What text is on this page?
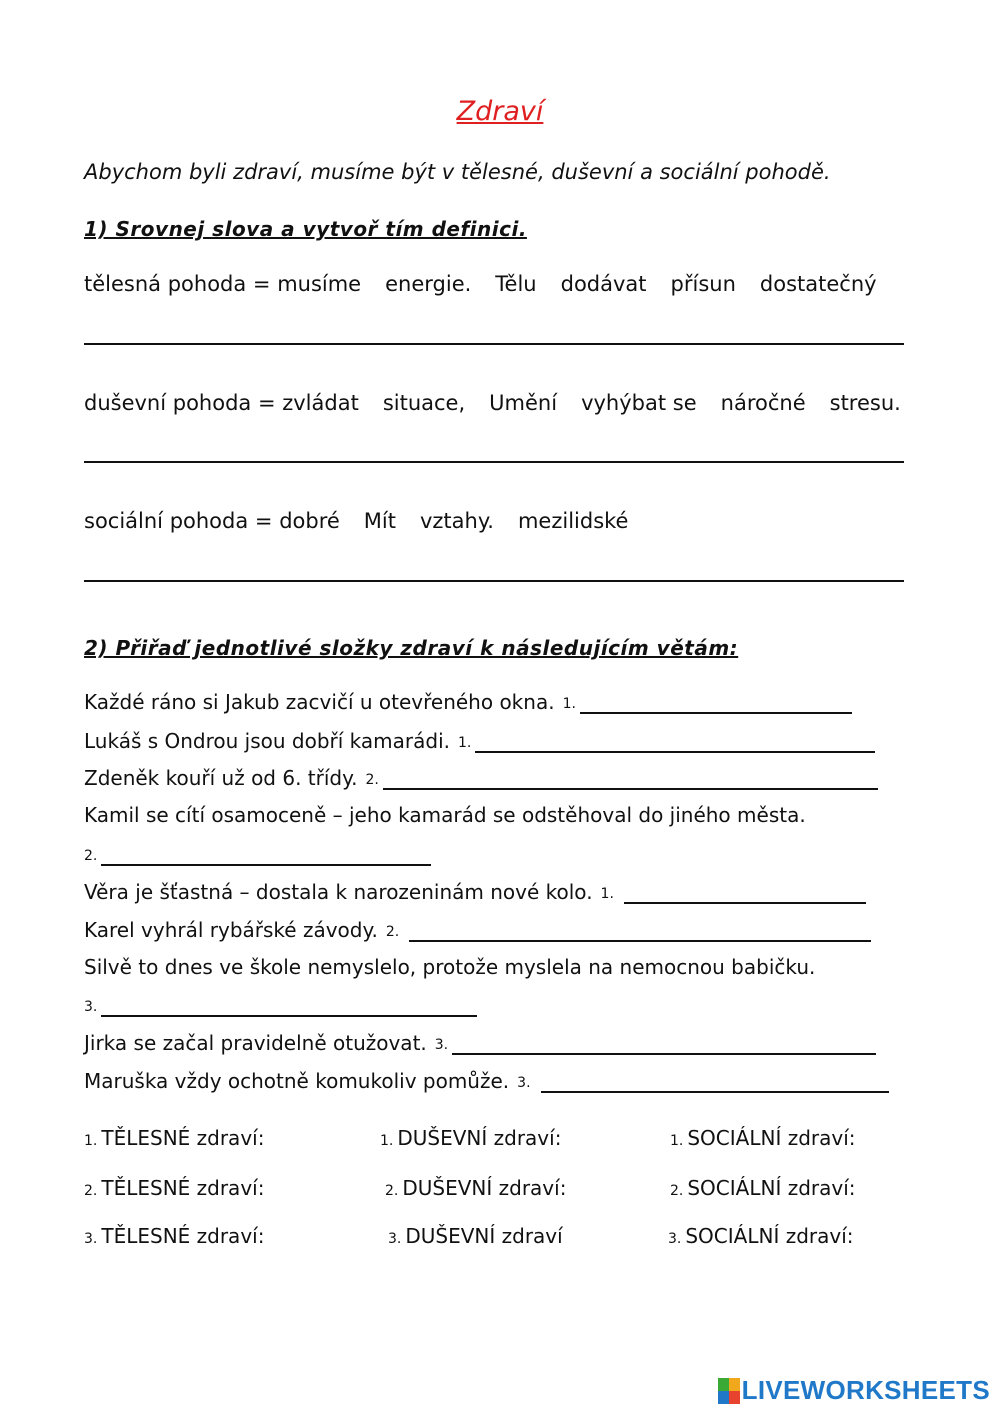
Zdraví
Abychom byli zdraví, musíme být v tělesné, duševní a sociální pohodě.
1) Srovnej slova a vytvoř tím definici.
tělesná pohoda = musíme energie. Tělu dodávat přísun dostatečný
duševní pohoda = zvládat situace, Umění vyhýbat se náročné stresu.
sociální pohoda = dobré Mít vztahy. mezilidské
2) Přiřaď jednotlivé složky zdraví k následujícím větám:
Každé ráno si Jakub zacvičí u otevřeného okna. 1.
Lukáš s Ondrou jsou dobří kamarádi. 1.
Zdeněk kouří už od 6. třídy. 2.
Kamil se cítí osamoceně – jeho kamarád se odstěhoval do jiného města.
2.
Věra je šťastná – dostala k narozeninám nové kolo. 1.
Karel vyhrál rybářské závody. 2.
Silvě to dnes ve škole nemyslelo, protože myslela na nemocnou babičku.
3.
Jirka se začal pravidelně otužovat. 3.
Maruška vždy ochotně komukoliv pomůže. 3.
1. TĚLESNÉ zdraví:	1. DUŠEVNÍ zdraví:	1. SOCIÁLNÍ zdraví:
2. TĚLESNÉ zdraví:	2. DUŠEVNÍ zdraví:	2. SOCIÁLNÍ zdraví:
3. TĚLESNÉ zdraví:	3. DUŠEVNÍ zdraví	3. SOCIÁLNÍ zdraví:
LIVEWORKSHEETS
